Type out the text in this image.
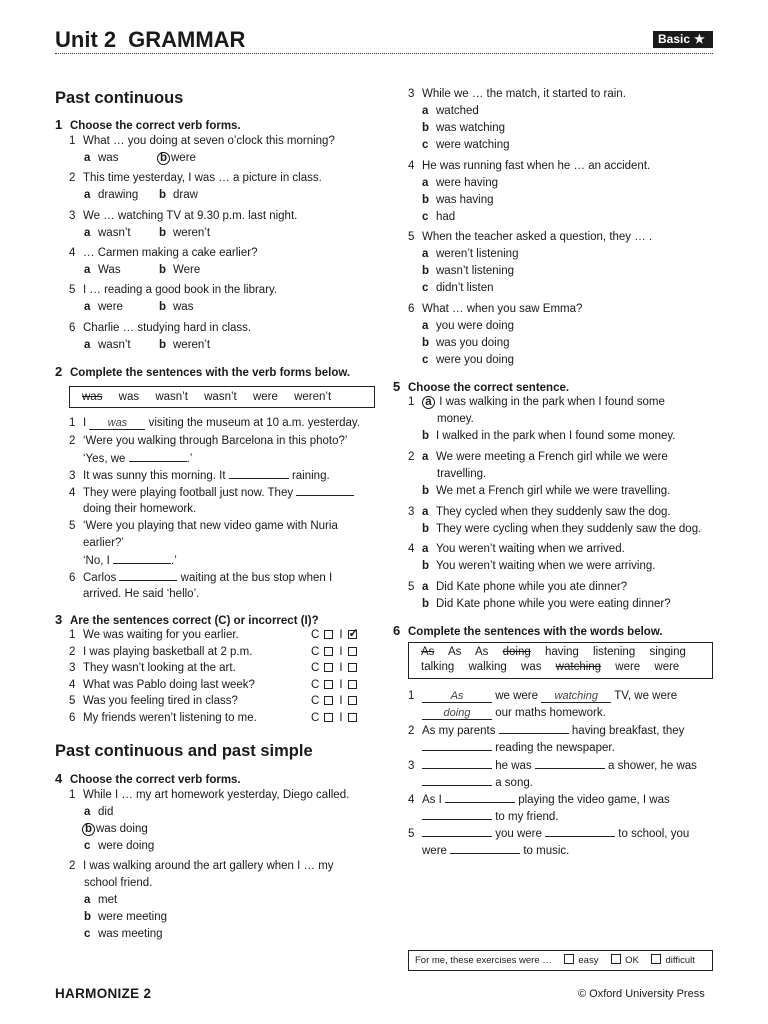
Unit 2 GRAMMAR	Basic ★
Past continuous
1 Choose the correct verb forms.
1 What … you doing at seven o’clock this morning?
a was	b were
2 This time yesterday, I was … a picture in class.
a drawing b draw
3 We … watching TV at 9.30 p.m. last night.
a wasn’t b weren’t
4 … Carmen making a cake earlier?
a Was	b Were
5 I … reading a good book in the library.
a were	b was
6 Charlie … studying hard in class.
a wasn’t b weren’t
2 Complete the sentences with the verb forms below.
was was wasn’t wasn’t were weren’t
1 I was visiting the museum at 10 a.m. yesterday.
2 ‘Were you walking through Barcelona in this photo?’
‘Yes, we	.’
3 It was sunny this morning. It	raining.
4 They were playing football just now. They
doing their homework.
5 ‘Were you playing that new video game with Nuria
earlier?’
‘No, I	.’
6 Carlos	waiting at the bus stop when I
arrived. He said ‘hello’.
3 Are the sentences correct (C) or incorrect (I)?
1 We was waiting for you earlier.	C I✓
2 I was playing basketball at 2 p.m.	C I
3 They wasn’t looking at the art.	C I
4 What was Pablo doing last week?	C I
5 Was you feeling tired in class?	C I
6 My friends weren’t listening to me.	C I
Past continuous and past simple
4 Choose the correct verb forms.
1 While I … my art homework yesterday, Diego called.
a did
b was doing
c were doing
2 I was walking around the art gallery when I … my
school friend.
a met
b were meeting
c was meeting
3 While we … the match, it started to rain.
a watched
b was watching
c were watching
4 He was running fast when he … an accident.
a were having
b was having
c had
5 When the teacher asked a question, they … .
a weren’t listening
b wasn’t listening
c didn’t listen
6 What … when you saw Emma?
a you were doing
b was you doing
c were you doing
5 Choose the correct sentence.
1 a I was walking in the park when I found some
money.
b I walked in the park when I found some money.
2 a We were meeting a French girl while we were
travelling.
b We met a French girl while we were travelling.
3 a They cycled when they suddenly saw the dog.
b They were cycling when they suddenly saw the dog.
4 a You weren’t waiting when we arrived.
b You weren’t waiting when we were arriving.
5 a Did Kate phone while you ate dinner?
b Did Kate phone while you were eating dinner?
6 Complete the sentences with the words below.
As As As doing having listening singing
talking walking was watching were were
1	As	we were watching TV, we were
doing our maths homework.
2 As my parents	having breakfast, they
reading the newspaper.
3	he was	a shower, he was
a song.
4 As I	playing the video game, I was
to my friend.
5	you were	to school, you
were	to music.
For me, these exercises were …	easy	OK	difficult
HARMONIZE 2	© Oxford University Press
